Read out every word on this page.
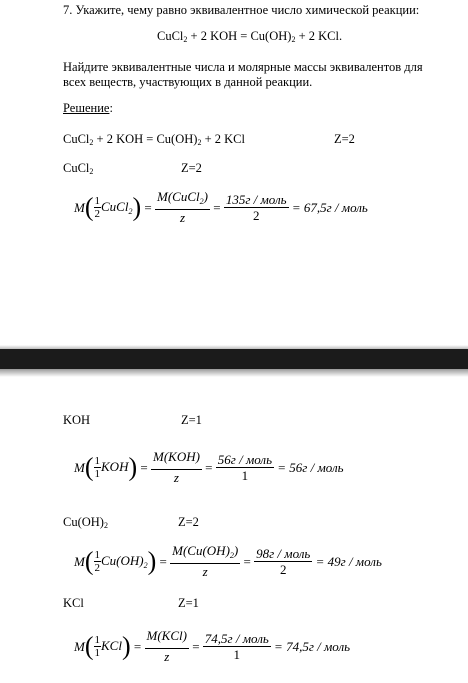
7. Укажите, чему равно эквивалентное число химической реакции:
CuCl$_2$ + 2 KOH = $Cu(OH)_2 + 2$ KCl.
Найдите эквивалентные числа и молярные массы эквивалентов для
всех веществ, участвующих в данной реакции.
Решение:
CuCl$_2$ + 2 KOH = $Cu(OH)_2 + 2$ KCl	Z=2
CuCl$_2$	Z=2
$M( \frac{1}{2}$ CuCl$_2$) = $\frac{M(CuCl_2)}{z} = \frac{\text{135г / моль}}{2} = 67,5г$ / моль
KOH	Z=1
$M( \frac{1}{1} KOH) = \frac{\text{M(KOH)}}{z} = \frac{\text{56г / моль}}{1} = 56г$ / моль
$Cu(OH)_2$	Z=2
$M( \frac{1}{2} Cu(OH)_2) = \frac{M(Cu(OH)_2)}{z} = \frac{\text{98г / моль}}{2} = 49г$ / моль
KCl	Z=1
$M( \frac{1}{1} KCl) = \frac{\text{M(KCl)}}{z} = \frac{\text{74,5г / моль}}{1} = 74,5г$ / моль
